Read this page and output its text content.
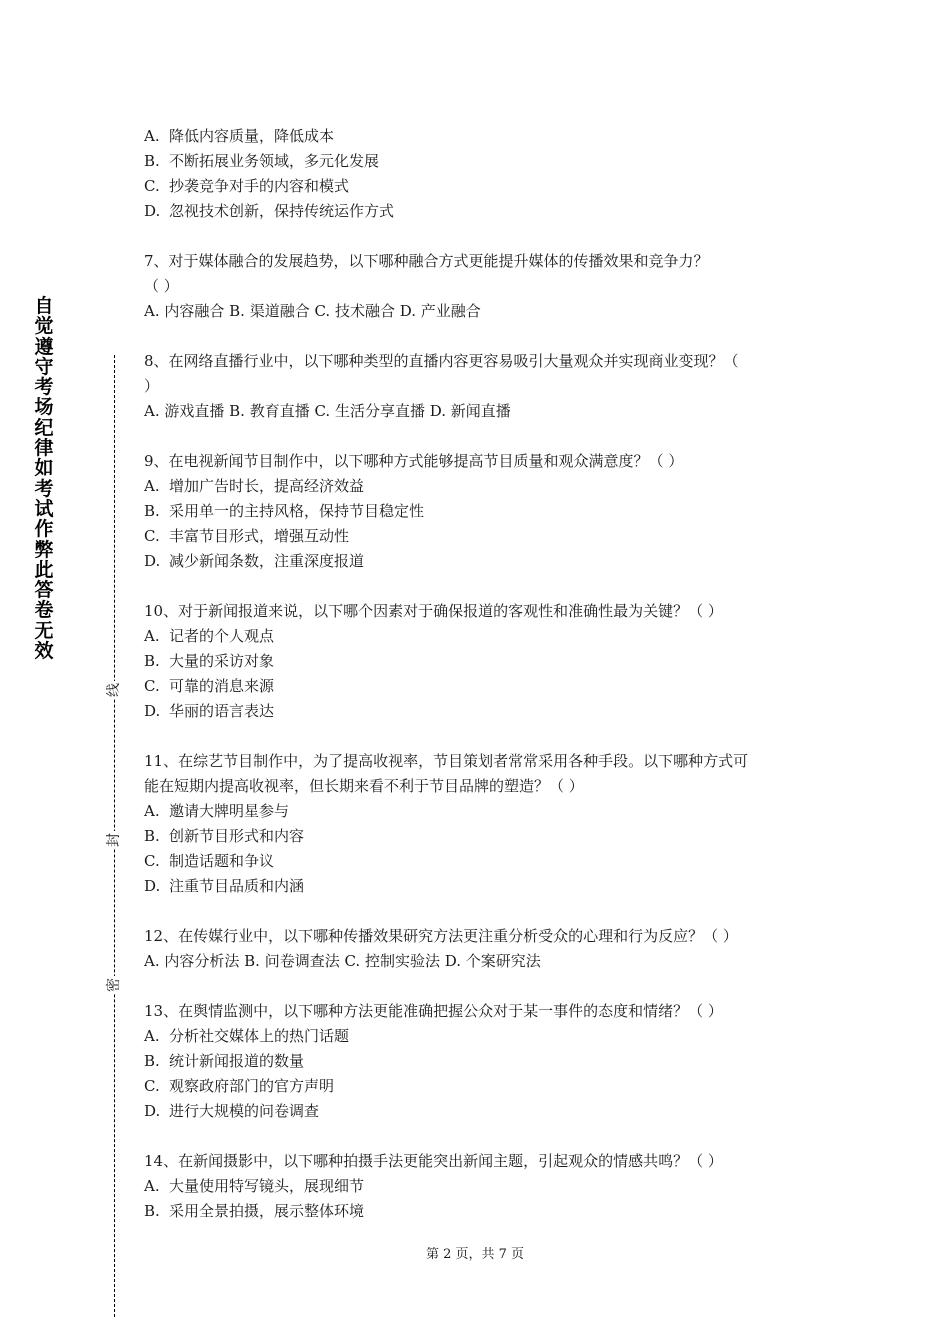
自觉遵守考场纪律如考试作弊此答卷无效
线
封
密
A. 降低内容质量，降低成本
B. 不断拓展业务领域，多元化发展
C. 抄袭竞争对手的内容和模式
D. 忽视技术创新，保持传统运作方式
7、对于媒体融合的发展趋势，以下哪种融合方式更能提升媒体的传播效果和竞争力？
（ ）
A. 内容融合 B. 渠道融合 C. 技术融合 D. 产业融合
8、在网络直播行业中，以下哪种类型的直播内容更容易吸引大量观众并实现商业变现？（
）
A. 游戏直播 B. 教育直播 C. 生活分享直播 D. 新闻直播
9、在电视新闻节目制作中，以下哪种方式能够提高节目质量和观众满意度？（ ）
A. 增加广告时长，提高经济效益
B. 采用单一的主持风格，保持节目稳定性
C. 丰富节目形式，增强互动性
D. 减少新闻条数，注重深度报道
10、对于新闻报道来说，以下哪个因素对于确保报道的客观性和准确性最为关键？（ ）
A. 记者的个人观点
B. 大量的采访对象
C. 可靠的消息来源
D. 华丽的语言表达
11、在综艺节目制作中，为了提高收视率，节目策划者常常采用各种手段。以下哪种方式可
能在短期内提高收视率，但长期来看不利于节目品牌的塑造？（ ）
A. 邀请大牌明星参与
B. 创新节目形式和内容
C. 制造话题和争议
D. 注重节目品质和内涵
12、在传媒行业中，以下哪种传播效果研究方法更注重分析受众的心理和行为反应？（ ）
A. 内容分析法 B. 问卷调查法 C. 控制实验法 D. 个案研究法
13、在舆情监测中，以下哪种方法更能准确把握公众对于某一事件的态度和情绪？（ ）
A. 分析社交媒体上的热门话题
B. 统计新闻报道的数量
C. 观察政府部门的官方声明
D. 进行大规模的问卷调查
14、在新闻摄影中，以下哪种拍摄手法更能突出新闻主题，引起观众的情感共鸣？（ ）
A. 大量使用特写镜头，展现细节
B. 采用全景拍摄，展示整体环境
第 2 页，共 7 页
